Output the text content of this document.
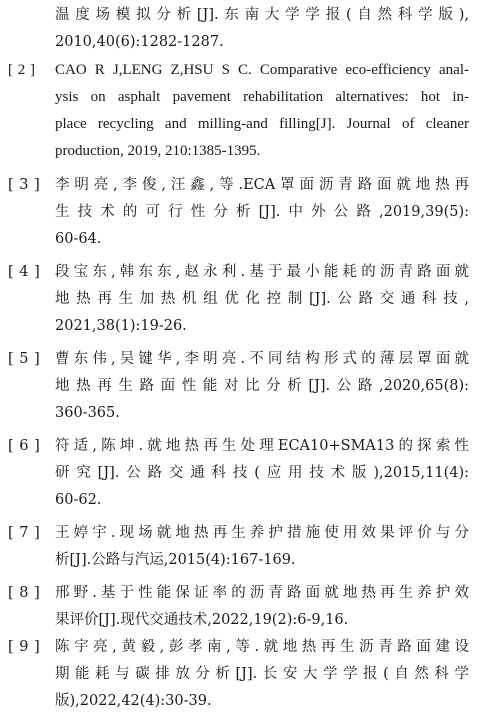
温度场模拟分析[J].东南大学学报(自然科学版),
2010,40(6):1282-1287.
[ 2 ]	CAO R J,LENG Z,HSU S C. Comparative eco-efficiency anal-
ysis on asphalt pavement rehabilitation alternatives: hot in-
place recycling and milling-and filling[J]. Journal of cleaner
production, 2019, 210:1385-1395.
[ 3 ]	李明亮,李俊,汪鑫,等.ECA罩面沥青路面就地热再
生技术的可行性分析[J].中外公路,2019,39(5):
60-64.
[ 4 ]	段宝东,韩东东,赵永利.基于最小能耗的沥青路面就
地热再生加热机组优化控制[J].公路交通科技,
2021,38(1):19-26.
[ 5 ]	曹东伟,吴键华,李明亮.不同结构形式的薄层罩面就
地热再生路面性能对比分析[J].公路,2020,65(8):
360-365.
[ 6 ]	符适,陈坤.就地热再生处理ECA10+SMA13的探索性
研究[J].公路交通科技(应用技术版),2015,11(4):
60-62.
[ 7 ]	王婷宇.现场就地热再生养护措施使用效果评价与分
析[J].公路与汽运,2015(4):167-169.
[ 8 ]	邢野.基于性能保证率的沥青路面就地热再生养护效
果评价[J].现代交通技术,2022,19(2):6-9,16.
[ 9 ]	陈宇亮,黄毅,彭孝南,等.就地热再生沥青路面建设
期能耗与碳排放分析[J].长安大学学报(自然科学
版),2022,42(4):30-39.
